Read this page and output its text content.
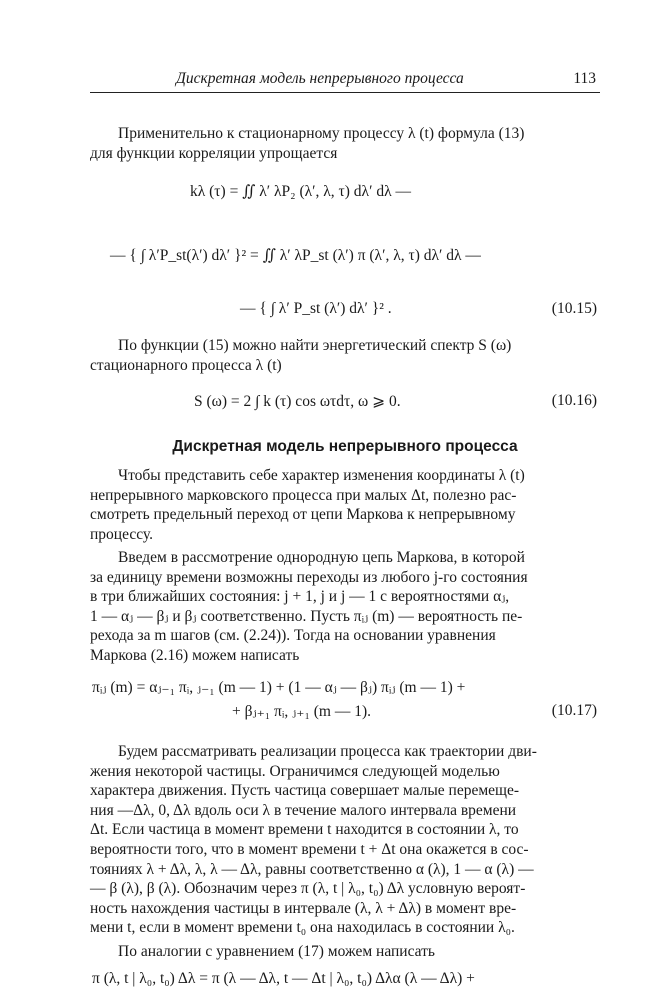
Дискретная модель непрерывного процесса	113
Применительно к стационарному процессу λ (t) формула (13)
для функции корреляции упрощается
kλ (τ) = ∬ λ′ λP₂ (λ′, λ, τ) dλ′ dλ —
— { ∫ λ′P_st(λ′) dλ′ }² = ∬ λ′ λP_st (λ′) π (λ′, λ, τ) dλ′ dλ —
— { ∫ λ′ P_st (λ′) dλ′ }² .	(10.15)
По функции (15) можно найти энергетический спектр S (ω)
стационарного процесса λ (t)
S (ω) = 2 ∫ k (τ) cos ωτdτ, ω ⩾ 0.	(10.16)
Дискретная модель непрерывного процесса
Чтобы представить себе характер изменения координаты λ (t)
непрерывного марковского процесса при малых Δt, полезно рас-
смотреть предельный переход от цепи Маркова к непрерывному
процессу.
Введем в рассмотрение однородную цепь Маркова, в которой
за единицу времени возможны переходы из любого j-го состояния
в три ближайших состояния: j + 1, j и j — 1 с вероятностями αⱼ,
1 — αⱼ — βⱼ и βⱼ соответственно. Пусть πᵢⱼ (m) — вероятность пе-
рехода за m шагов (см. (2.24)). Тогда на основании уравнения
Маркова (2.16) можем написать
πᵢⱼ (m) = αⱼ₋₁ πᵢ, ⱼ₋₁ (m — 1) + (1 — αⱼ — βⱼ) πᵢⱼ (m — 1) +
+ βⱼ₊₁ πᵢ, ⱼ₊₁ (m — 1).	(10.17)
Будем рассматривать реализации процесса как траектории дви-
жения некоторой частицы. Ограничимся следующей моделью
характера движения. Пусть частица совершает малые перемеще-
ния —Δλ, 0, Δλ вдоль оси λ в течение малого интервала времени
Δt. Если частица в момент времени t находится в состоянии λ, то
вероятности того, что в момент времени t + Δt она окажется в сос-
тояниях λ + Δλ, λ, λ — Δλ, равны соответственно α (λ), 1 — α (λ) —
— β (λ), β (λ). Обозначим через π (λ, t | λ₀, t₀) Δλ условную вероят-
ность нахождения частицы в интервале (λ, λ + Δλ) в момент вре-
мени t, если в момент времени t₀ она находилась в состоянии λ₀.
По аналогии с уравнением (17) можем написать
π (λ, t | λ₀, t₀) Δλ = π (λ — Δλ, t — Δt | λ₀, t₀) Δλα (λ — Δλ) +
